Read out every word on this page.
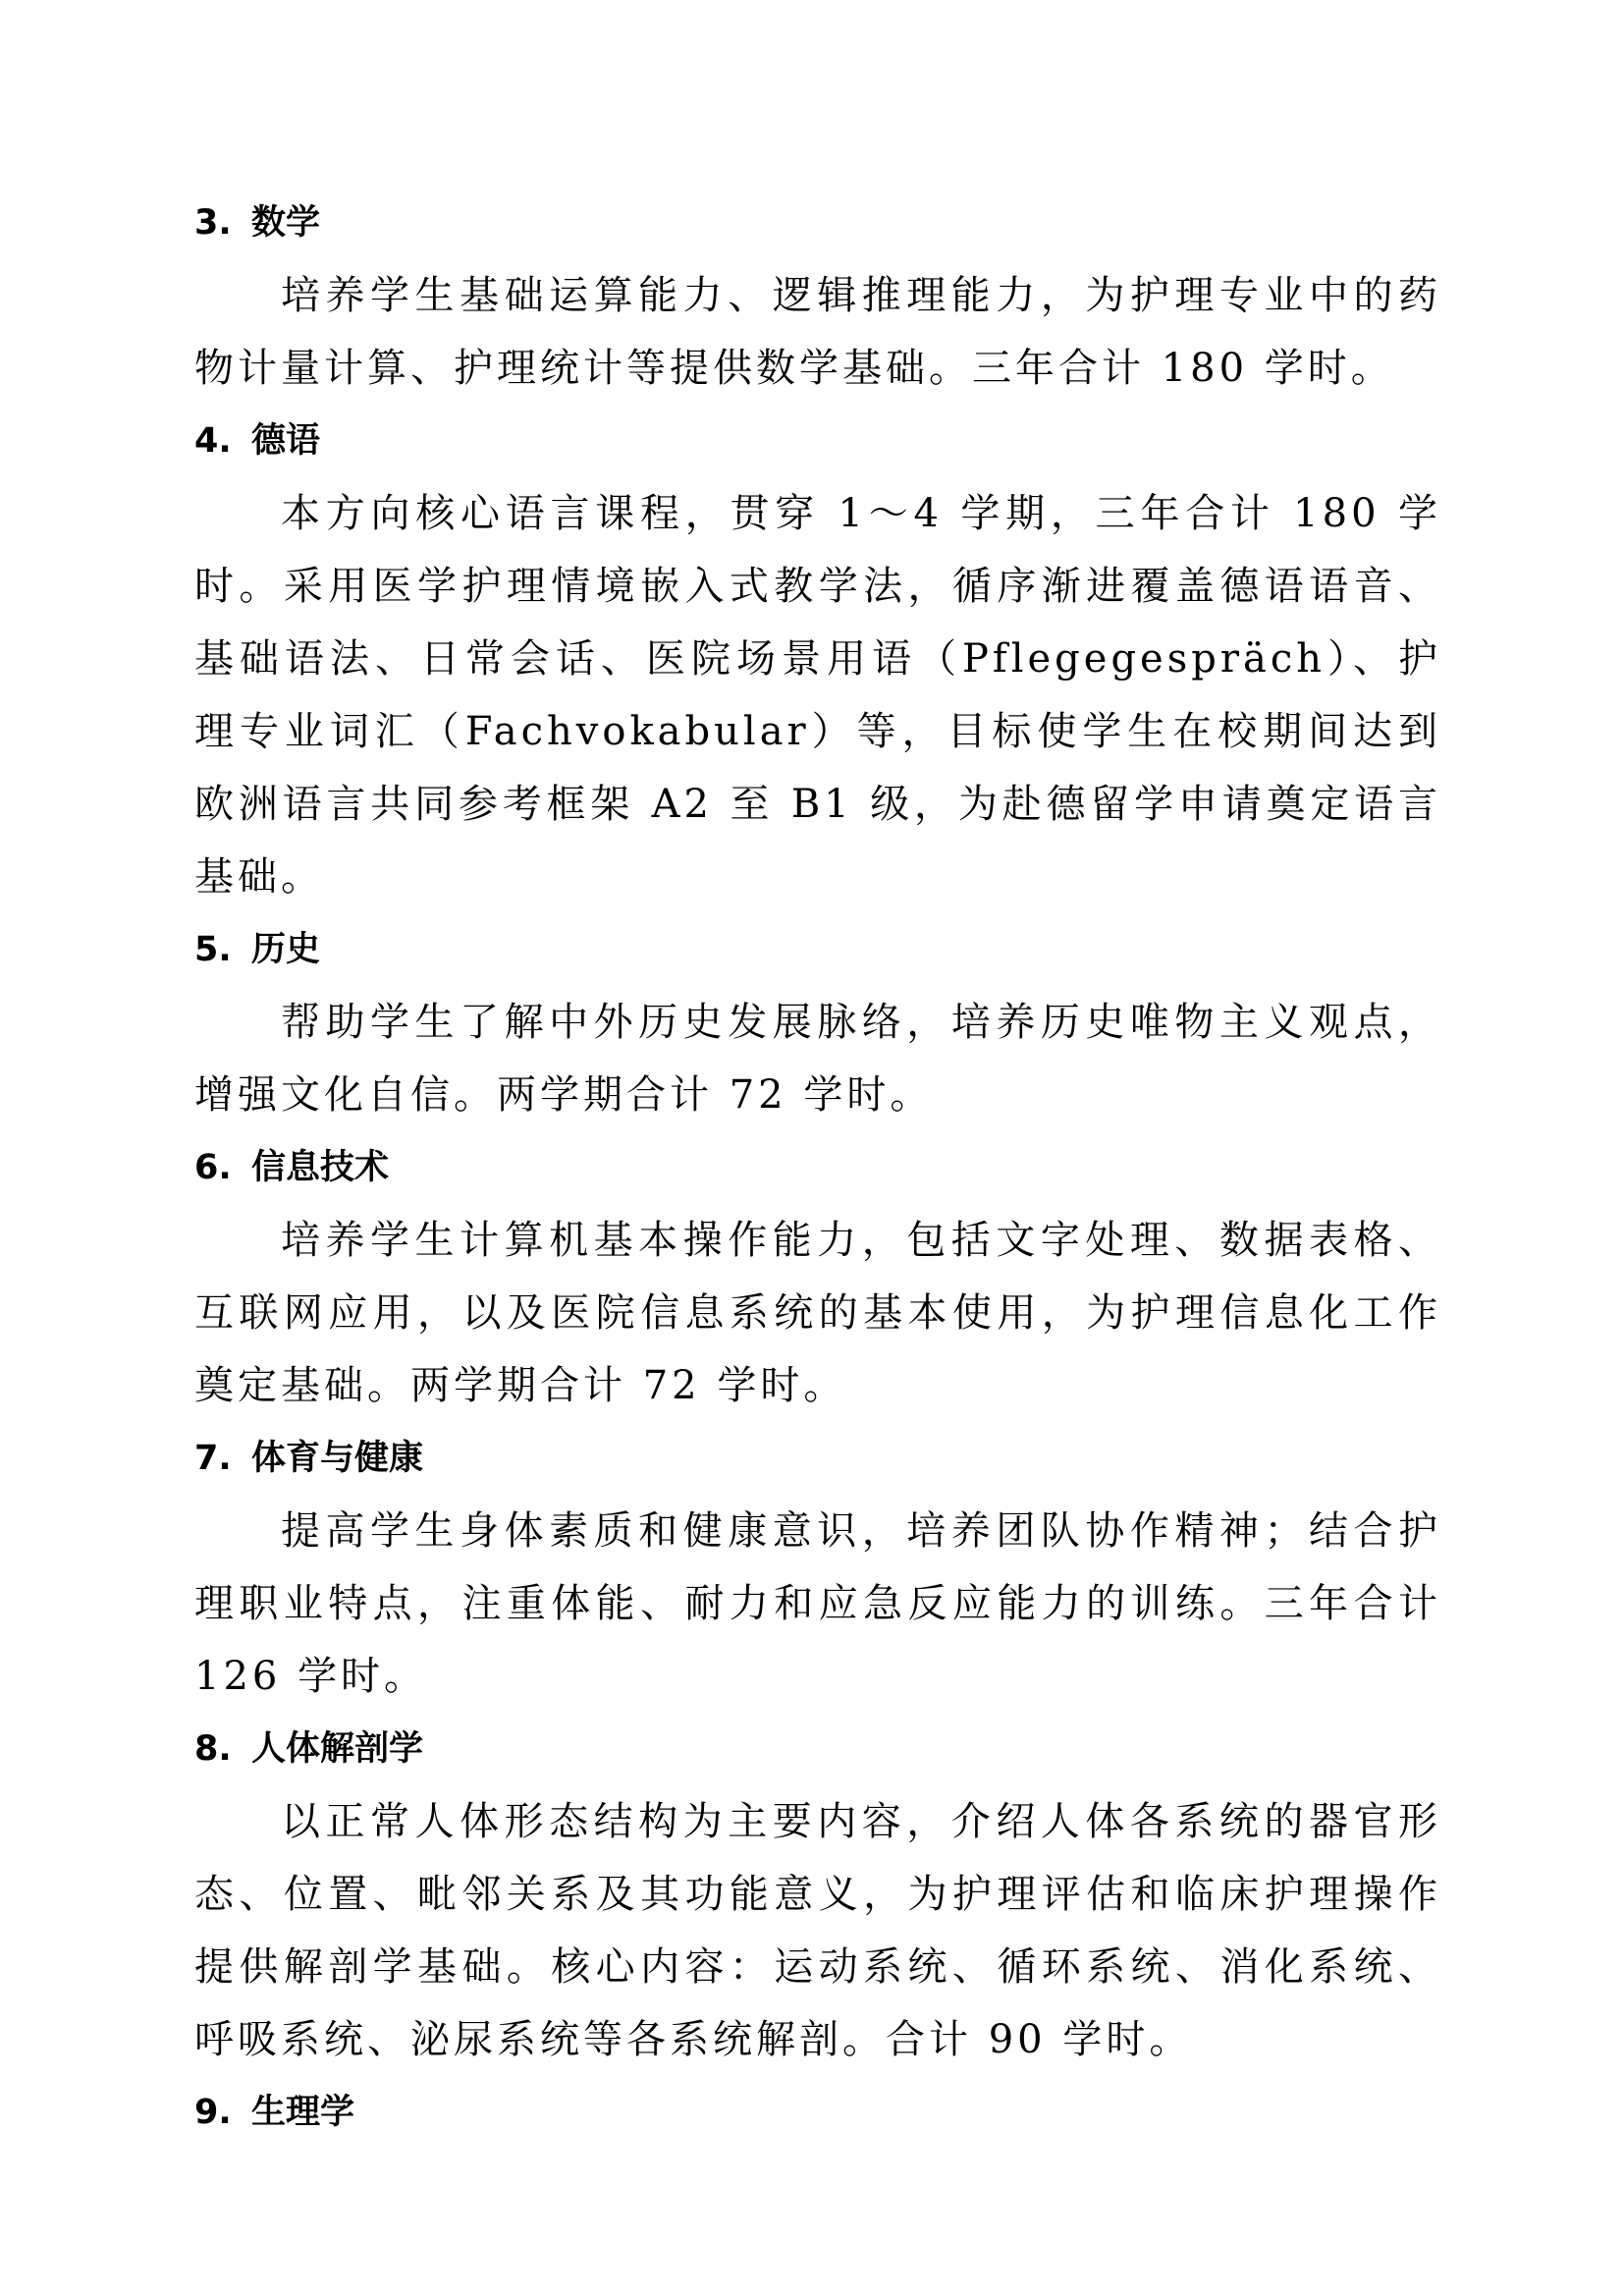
3. 数学

培养学生基础运算能力、逻辑推理能力，为护理专业中的药物计量计算、护理统计等提供数学基础。三年合计 180 学时。

4. 德语

本方向核心语言课程，贯穿 1～4 学期，三年合计 180 学时。采用医学护理情境嵌入式教学法，循序渐进覆盖德语语音、基础语法、日常会话、医院场景用语（Pflegegespräch）、护理专业词汇（Fachvokabular）等，目标使学生在校期间达到欧洲语言共同参考框架 A2 至 B1 级，为赴德留学申请奠定语言基础。

5. 历史

帮助学生了解中外历史发展脉络，培养历史唯物主义观点，增强文化自信。两学期合计 72 学时。

6. 信息技术

培养学生计算机基本操作能力，包括文字处理、数据表格、互联网应用，以及医院信息系统的基本使用，为护理信息化工作奠定基础。两学期合计 72 学时。

7. 体育与健康

提高学生身体素质和健康意识，培养团队协作精神；结合护理职业特点，注重体能、耐力和应急反应能力的训练。三年合计 126 学时。

8. 人体解剖学

以正常人体形态结构为主要内容，介绍人体各系统的器官形态、位置、毗邻关系及其功能意义，为护理评估和临床护理操作提供解剖学基础。核心内容：运动系统、循环系统、消化系统、呼吸系统、泌尿系统等各系统解剖。合计 90 学时。

9. 生理学
